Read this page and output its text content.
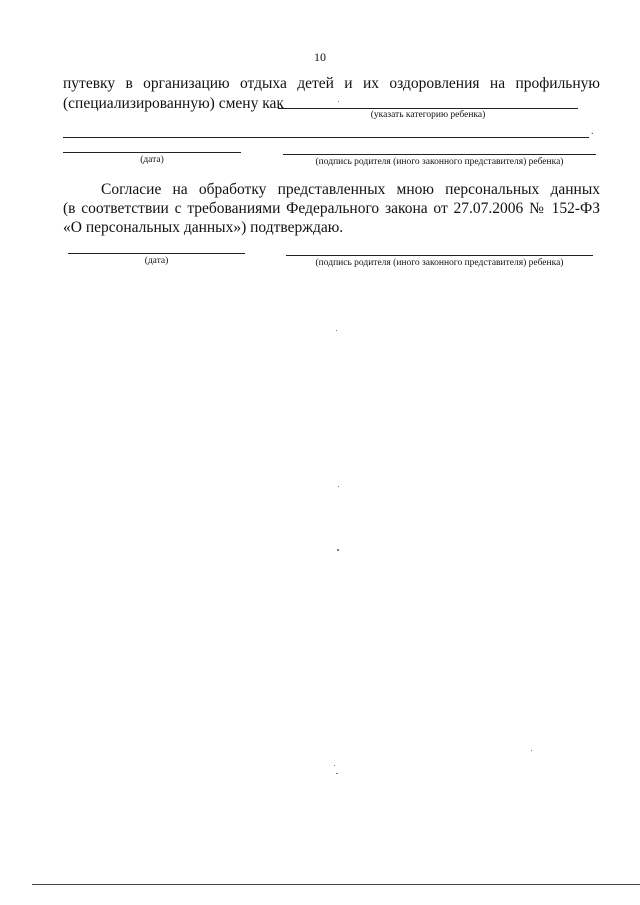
10
путевку в организацию отдыха детей и их оздоровления на профильную
(специализированную) смену как
(указать категорию ребенка)
.
(дата)	(подпись родителя (иного законного представителя) ребенка)
Согласие на обработку представленных мною персональных данных
(в соответствии с требованиями Федерального закона от 27.07.2006 № 152-ФЗ
«О персональных данных») подтверждаю.
(дата)	(подпись родителя (иного законного представителя) ребенка)
